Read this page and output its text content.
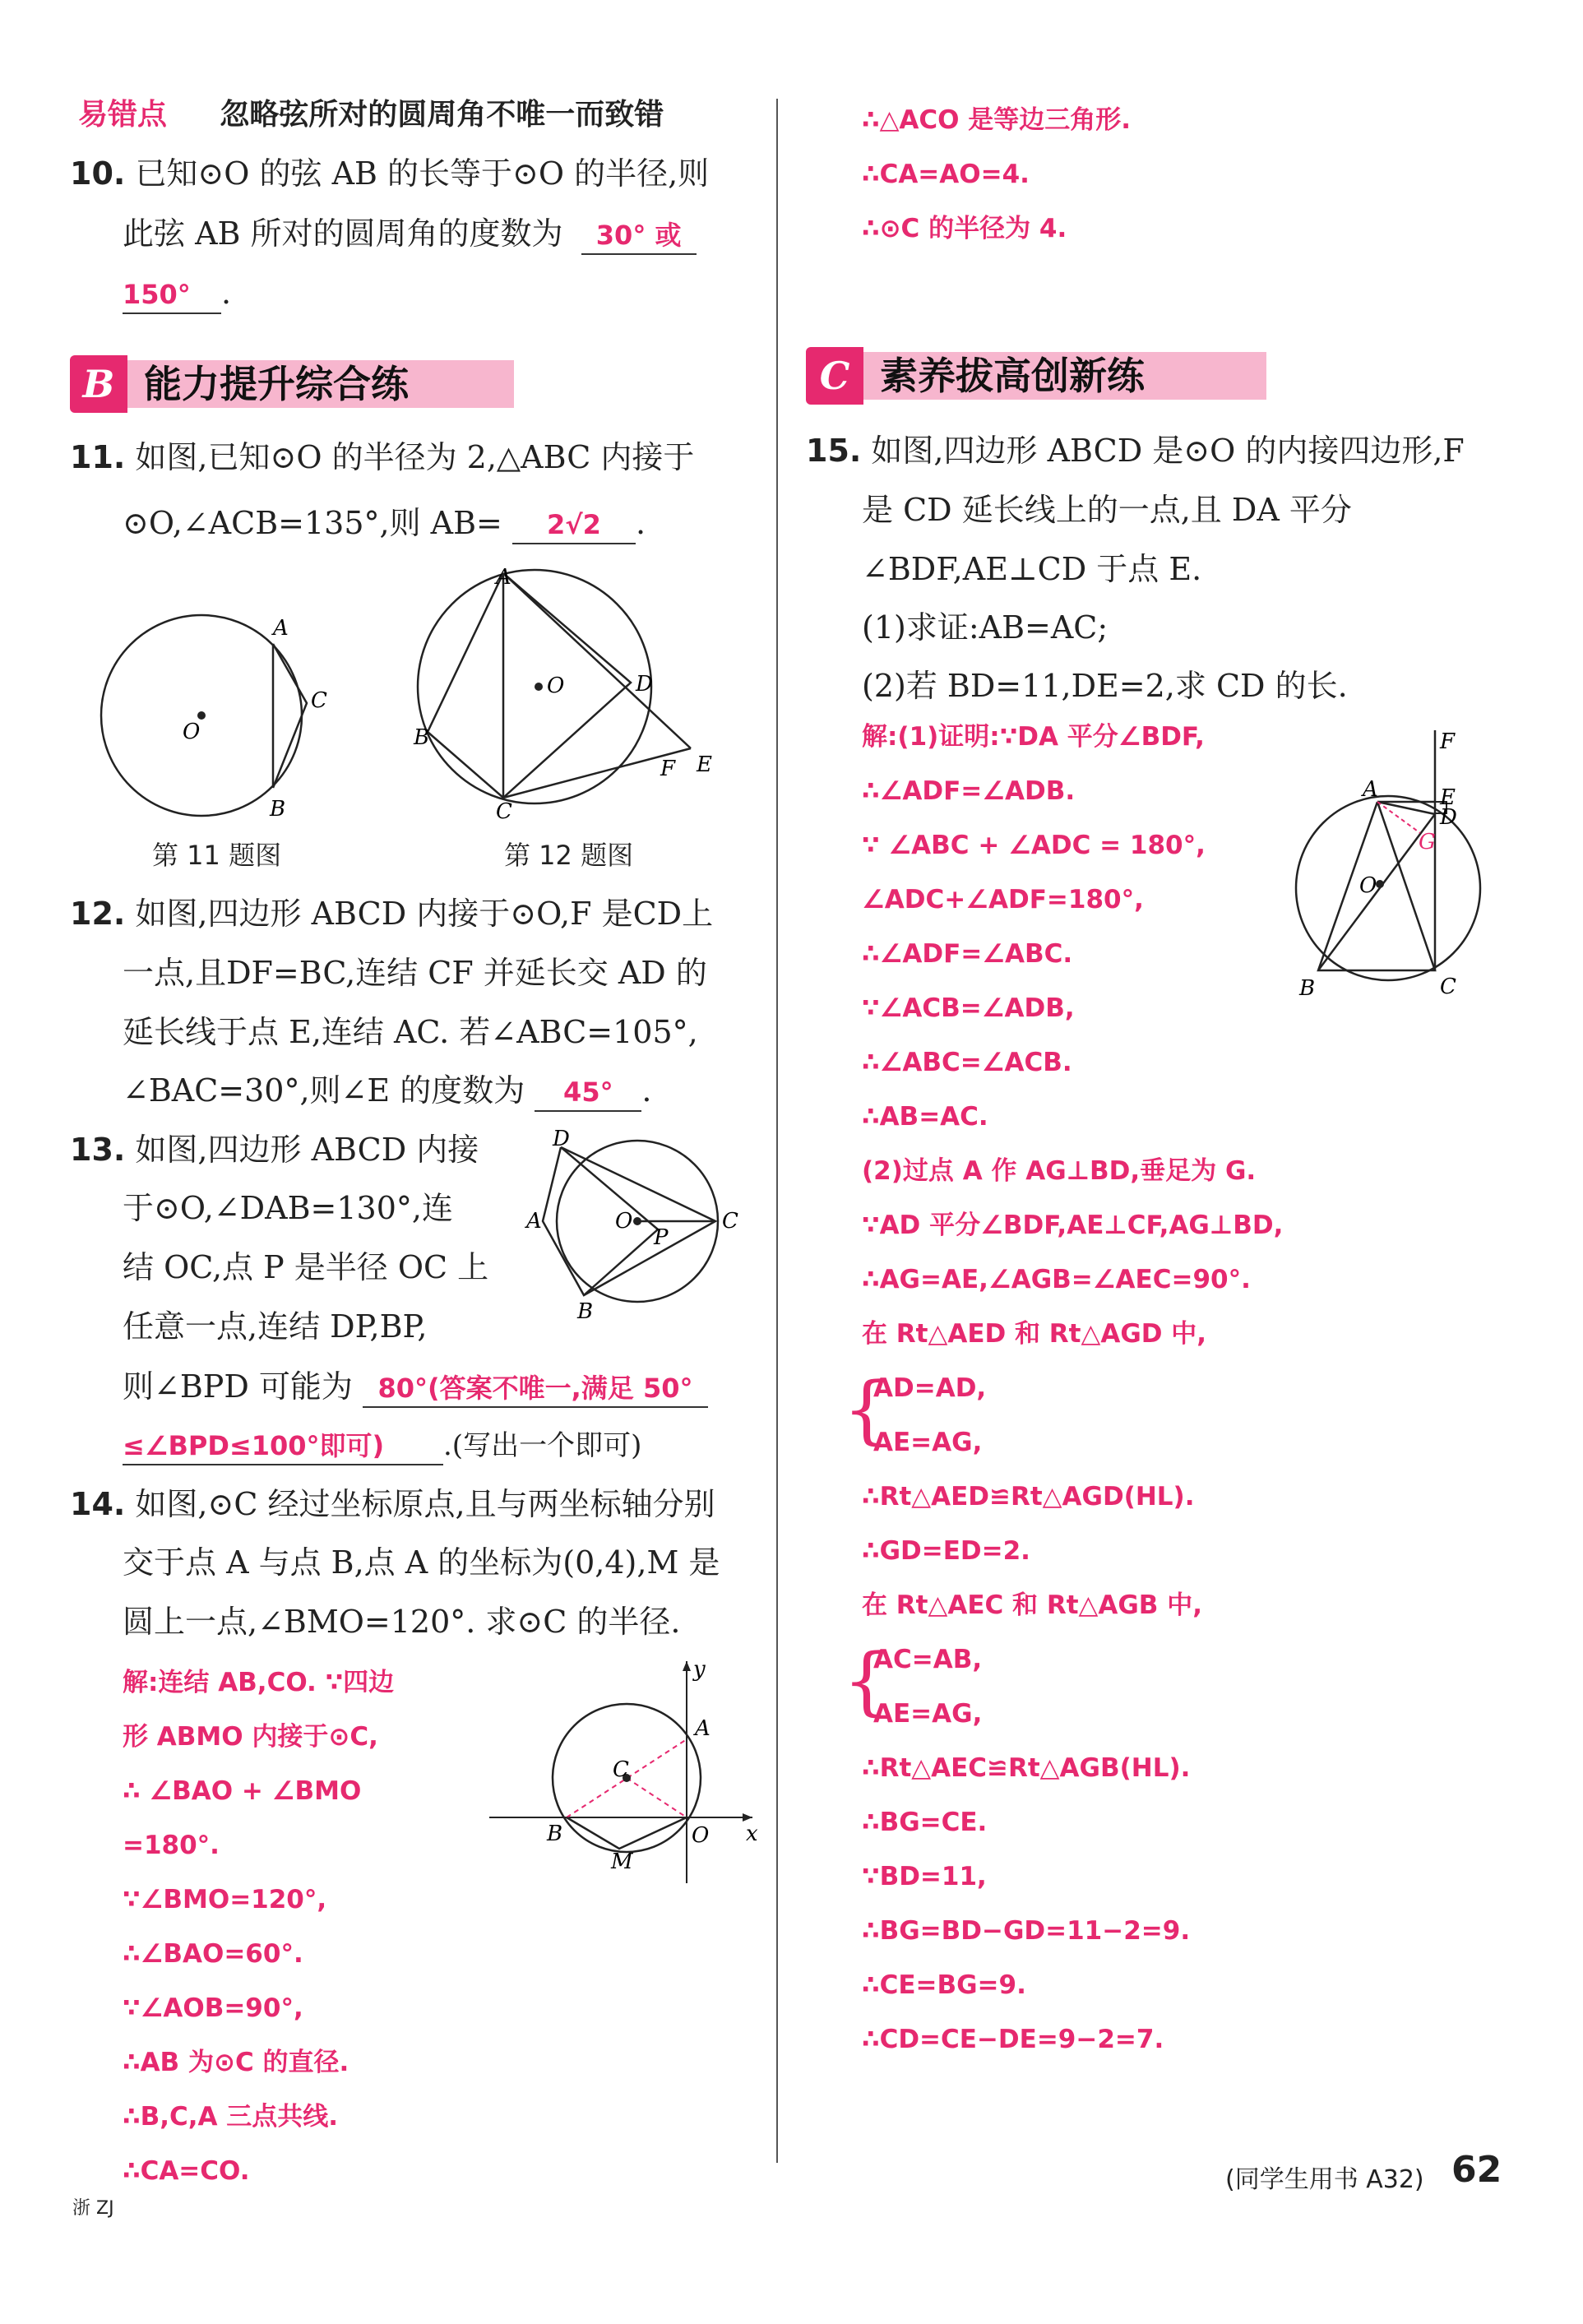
易错点 忽略弦所对的圆周角不唯一而致错
10. 已知⊙O 的弦 AB 的长等于⊙O 的半径,则
此弦 AB 所对的圆周角的度数为 30° 或
150° .
B 能力提升综合练
11. 如图,已知⊙O 的半径为 2,△ABC 内接于
⊙O,∠ACB=135°,则 AB= 2√2 .
O
A
C
B
第 11 题图
O
A
B
C
D
F E
第 12 题图
12. 如图,四边形 ABCD 内接于⊙O,F 是CD上
一点,且DF=BC,连结 CF 并延长交 AD 的
延长线于点 E,连结 AC. 若∠ABC=105°,
∠BAC=30°,则∠E 的度数为 45° .
13. 如图,四边形 ABCD 内接
于⊙O,∠DAB=130°,连
结 OC,点 P 是半径 OC 上
任意一点,连结 DP,BP,
D
A	O
P
C
B
则∠BPD 可能为 80°(答案不唯一,满足 50°
≤∠BPD≤100°即可) .(写出一个即可)
14. 如图,⊙C 经过坐标原点,且与两坐标轴分别
交于点 A 与点 B,点 A 的坐标为(0,4),M 是
圆上一点,∠BMO=120°. 求⊙C 的半径.
解:连结 AB,CO. ∵四边
形 ABMO 内接于⊙C,
∴ ∠BAO + ∠BMO
=180°.
∵∠BMO=120°,
∴∠BAO=60°.
∵∠AOB=90°,
∴AB 为⊙C 的直径.
∴B,C,A 三点共线.
∴CA=CO.
y
x
A
C
B	O
M
∴△ACO 是等边三角形.
∴CA=AO=4.
∴⊙C 的半径为 4.
C 素养拔高创新练
15. 如图,四边形 ABCD 是⊙O 的内接四边形,F
是 CD 延长线上的一点,且 DA 平分
∠BDF,AE⊥CD 于点 E.
(1)求证:AB=AC;
(2)若 BD=11,DE=2,求 CD 的长.
解:(1)证明:∵DA 平分∠BDF,
∴∠ADF=∠ADB.
∵ ∠ABC + ∠ADC = 180°,
∠ADC+∠ADF=180°,
∴∠ADF=∠ABC.
∵∠ACB=∠ADB,
∴∠ABC=∠ACB.
∴AB=AC.
(2)过点 A 作 AG⊥BD,垂足为 G.
∵AD 平分∠BDF,AE⊥CF,AG⊥BD,
∴AG=AE,∠AGB=∠AEC=90°.
在 Rt△AED 和 Rt△AGD 中,
AD=AD,
AE=AG,
∴Rt△AED≌Rt△AGD(HL).
∴GD=ED=2.
在 Rt△AEC 和 Rt△AGB 中,
AC=AB,
AE=AG,
∴Rt△AEC≌Rt△AGB(HL).
∴BG=CE.
∵BD=11,
∴BG=BD−GD=11−2=9.
∴CE=BG=9.
∴CD=CE−DE=9−2=7.
{
{
F
A	E
D
G
O
B	C
(同学生用书 A32) 62
浙 ZJ
